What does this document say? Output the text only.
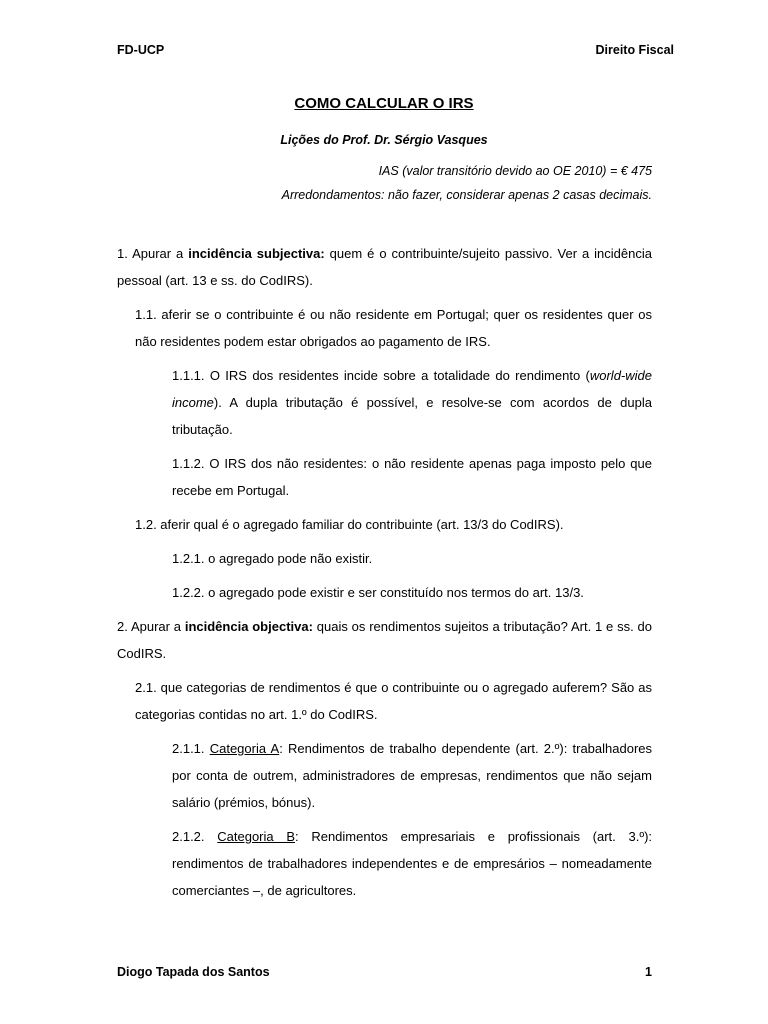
FD-UCP	Direito Fiscal
COMO CALCULAR O IRS
Lições do Prof. Dr. Sérgio Vasques
IAS (valor transitório devido ao OE 2010) = € 475
Arredondamentos: não fazer, considerar apenas 2 casas decimais.

1. Apurar a incidência subjectiva: quem é o contribuinte/sujeito passivo. Ver a incidência pessoal (art. 13 e ss. do CodIRS).

1.1. aferir se o contribuinte é ou não residente em Portugal; quer os residentes quer os não residentes podem estar obrigados ao pagamento de IRS.

1.1.1. O IRS dos residentes incide sobre a totalidade do rendimento (world-wide income). A dupla tributação é possível, e resolve-se com acordos de dupla tributação.

1.1.2. O IRS dos não residentes: o não residente apenas paga imposto pelo que recebe em Portugal.

1.2. aferir qual é o agregado familiar do contribuinte (art. 13/3 do CodIRS).

1.2.1. o agregado pode não existir.

1.2.2. o agregado pode existir e ser constituído nos termos do art. 13/3.

2. Apurar a incidência objectiva: quais os rendimentos sujeitos a tributação? Art. 1 e ss. do CodIRS.

2.1. que categorias de rendimentos é que o contribuinte ou o agregado auferem? São as categorias contidas no art. 1.º do CodIRS.

2.1.1. Categoria A: Rendimentos de trabalho dependente (art. 2.º): trabalhadores por conta de outrem, administradores de empresas, rendimentos que não sejam salário (prémios, bónus).

2.1.2. Categoria B: Rendimentos empresariais e profissionais (art. 3.º): rendimentos de trabalhadores independentes e de empresários – nomeadamente comerciantes –, de agricultores.

Diogo Tapada dos Santos	1
